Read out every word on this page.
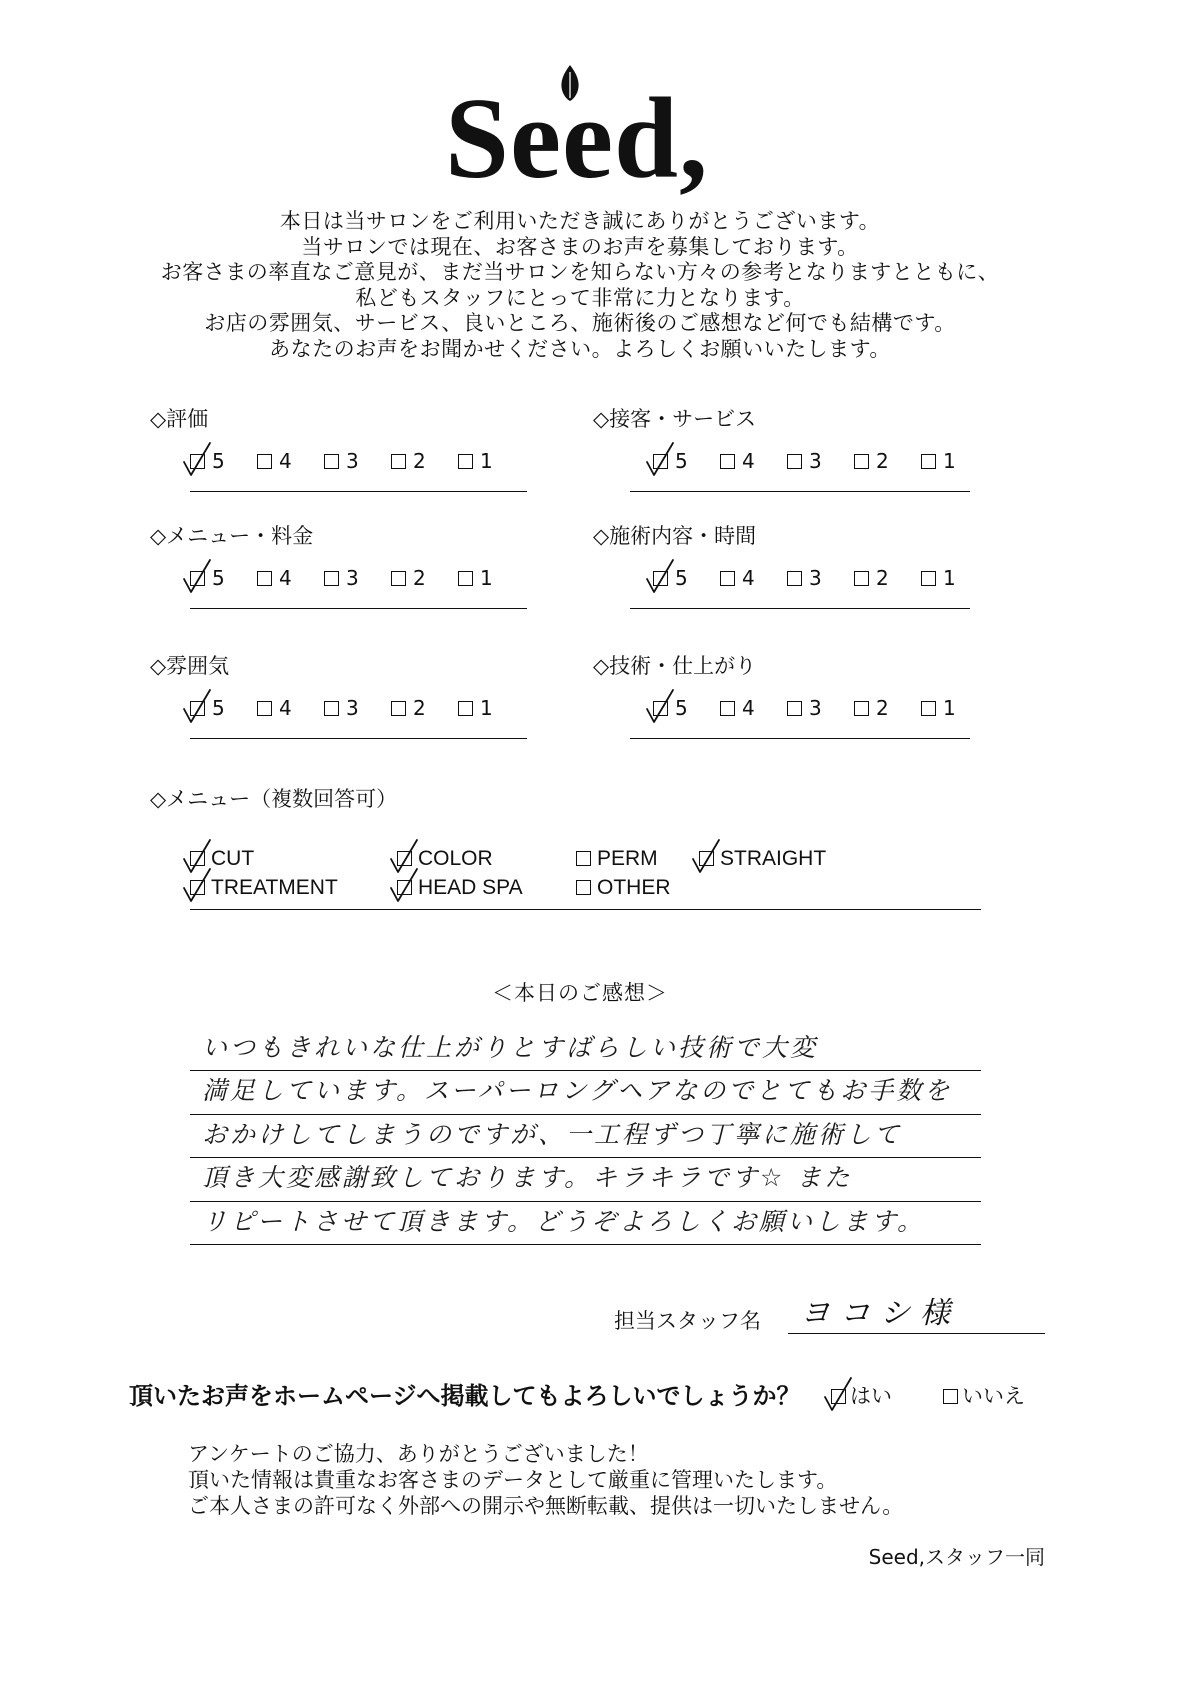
Seed,
本日は当サロンをご利用いただき誠にありがとうございます。
当サロンでは現在、お客さまのお声を募集しております。
お客さまの率直なご意見が、まだ当サロンを知らない方々の参考となりますとともに、
私どもスタッフにとって非常に力となります。
お店の雰囲気、サービス、良いところ、施術後のご感想など何でも結構です。
あなたのお声をお聞かせください。よろしくお願いいたします。
◇評価
5	4	3	2	1
◇メニュー・料金
5	4	3	2	1
◇雰囲気
5	4	3	2	1
◇接客・サービス
5	4	3	2	1
◇施術内容・時間
5	4	3	2	1
◇技術・仕上がり
5	4	3	2	1
◇メニュー（複数回答可）
CUT	COLOR	PERM	STRAIGHT
TREATMENT	HEAD SPA	OTHER
＜本日のご感想＞
いつもきれいな仕上がりとすばらしい技術で大変
満足しています。スーパーロングヘアなのでとてもお手数を
おかけしてしまうのですが、一工程ずつ丁寧に施術して
頂き大変感謝致しております。キラキラです☆ また
リピートさせて頂きます。どうぞよろしくお願いします。
担当スタッフ名 ヨコシ様
頂いたお声をホームページへ掲載してもよろしいでしょうか？ はい	いいえ
アンケートのご協力、ありがとうございました！
頂いた情報は貴重なお客さまのデータとして厳重に管理いたします。
ご本人さまの許可なく外部への開示や無断転載、提供は一切いたしません。
Seed,スタッフ一同
